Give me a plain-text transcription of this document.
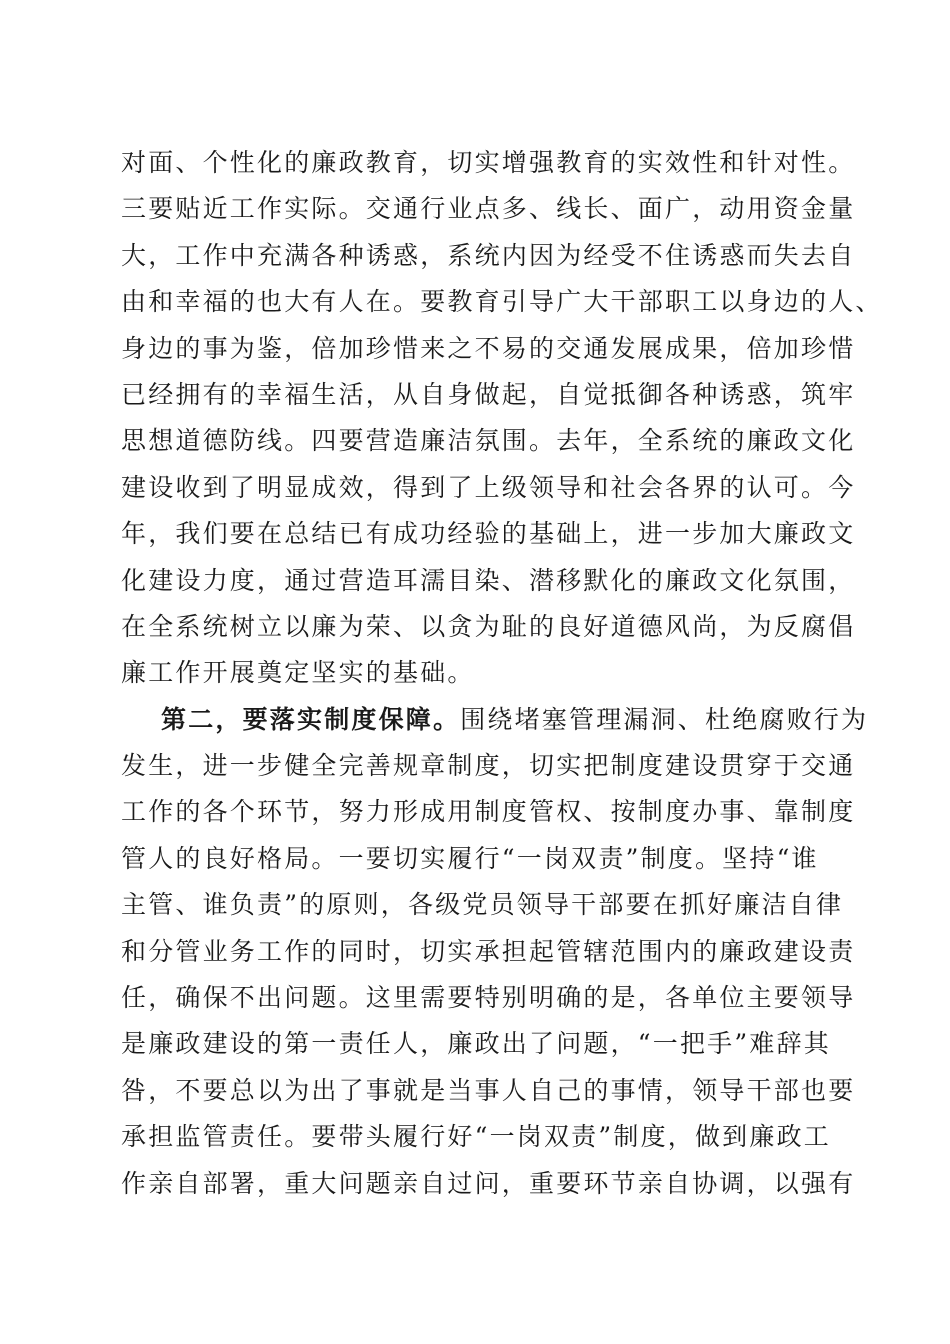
对面、个性化的廉政教育，切实增强教育的实效性和针对性。
三要贴近工作实际。交通行业点多、线长、面广，动用资金量
大，工作中充满各种诱惑，系统内因为经受不住诱惑而失去自
由和幸福的也大有人在。要教育引导广大干部职工以身边的人、
身边的事为鉴，倍加珍惜来之不易的交通发展成果，倍加珍惜
已经拥有的幸福生活，从自身做起，自觉抵御各种诱惑，筑牢
思想道德防线。四要营造廉洁氛围。去年，全系统的廉政文化
建设收到了明显成效，得到了上级领导和社会各界的认可。今
年，我们要在总结已有成功经验的基础上，进一步加大廉政文
化建设力度，通过营造耳濡目染、潜移默化的廉政文化氛围，
在全系统树立以廉为荣、以贪为耻的良好道德风尚，为反腐倡
廉工作开展奠定坚实的基础。
第二，要落实制度保障。围绕堵塞管理漏洞、杜绝腐败行为
发生，进一步健全完善规章制度，切实把制度建设贯穿于交通
工作的各个环节，努力形成用制度管权、按制度办事、靠制度
管人的良好格局。一要切实履行“一岗双责”制度。坚持“谁
主管、谁负责”的原则，各级党员领导干部要在抓好廉洁自律
和分管业务工作的同时，切实承担起管辖范围内的廉政建设责
任，确保不出问题。这里需要特别明确的是，各单位主要领导
是廉政建设的第一责任人，廉政出了问题，“一把手”难辞其
咎，不要总以为出了事就是当事人自己的事情，领导干部也要
承担监管责任。要带头履行好“一岗双责”制度，做到廉政工
作亲自部署，重大问题亲自过问，重要环节亲自协调，以强有
